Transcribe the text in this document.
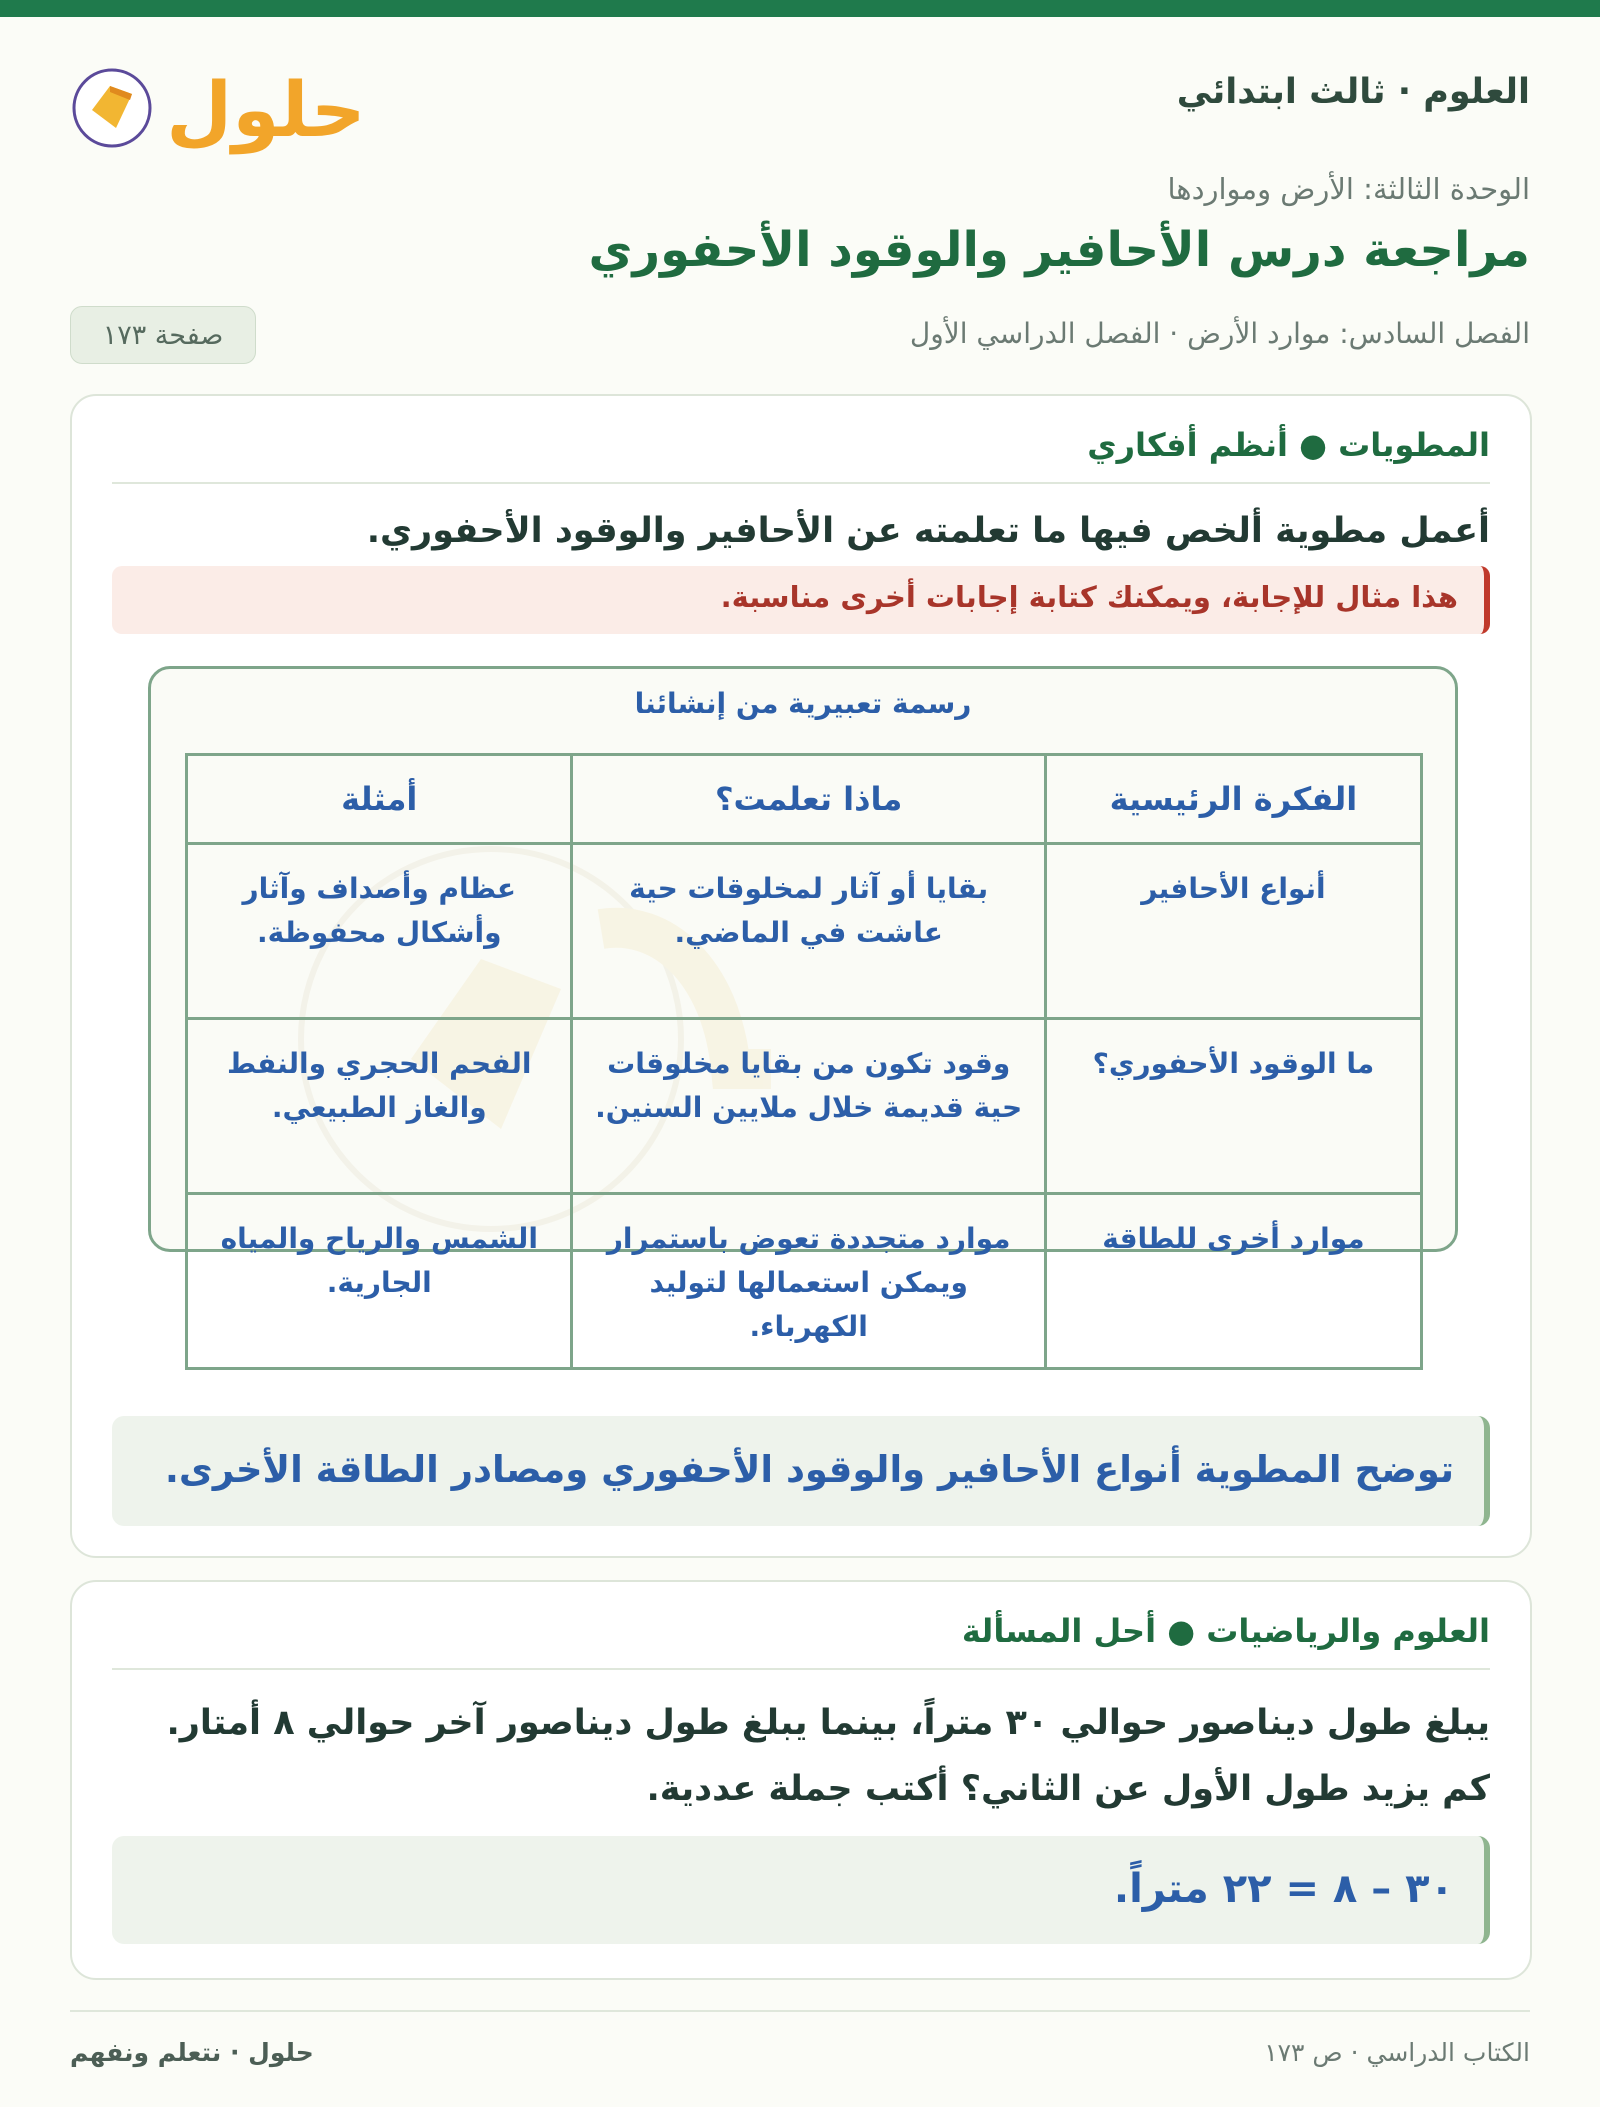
العلوم · ثالث ابتدائي
حلول
الوحدة الثالثة: الأرض ومواردها
مراجعة درس الأحافير والوقود الأحفوري
الفصل السادس: موارد الأرض · الفصل الدراسي الأول
صفحة ١٧٣
المطويات ● أنظم أفكاري
أعمل مطوية ألخص فيها ما تعلمته عن الأحافير والوقود الأحفوري.
هذا مثال للإجابة، ويمكنك كتابة إجابات أخرى مناسبة.
رسمة تعبيرية من إنشائنا
الفكرة الرئيسية	ماذا تعلمت؟	أمثلة
أنواع الأحافير	بقايا أو آثار لمخلوقات حية عاشت في الماضي.	عظام وأصداف وآثار وأشكال محفوظة.
ما الوقود الأحفوري؟	وقود تكون من بقايا مخلوقات حية قديمة خلال ملايين السنين.	الفحم الحجري والنفط والغاز الطبيعي.
موارد أخرى للطاقة	موارد متجددة تعوض باستمرار ويمكن استعمالها لتوليد الكهرباء.	الشمس والرياح والمياه الجارية.
توضح المطوية أنواع الأحافير والوقود الأحفوري ومصادر الطاقة الأخرى.
العلوم والرياضيات ● أحل المسألة
يبلغ طول ديناصور حوالي ٣٠ متراً، بينما يبلغ طول ديناصور آخر حوالي ٨ أمتار. كم يزيد طول الأول عن الثاني؟ أكتب جملة عددية.
٣٠ – ٨ = ٢٢ متراً.
الكتاب الدراسي · ص ١٧٣
حلول · نتعلم ونفهم
